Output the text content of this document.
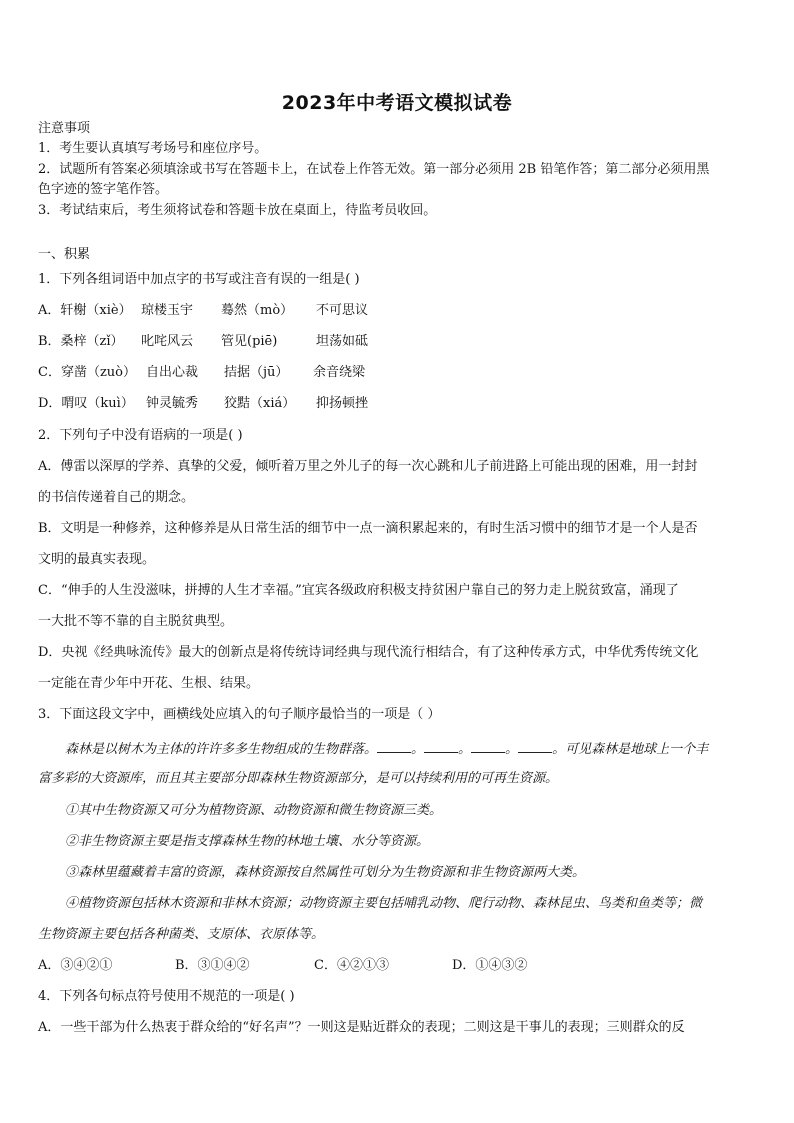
2023年中考语文模拟试卷
注意事项
1．考生要认真填写考场号和座位序号。
2．试题所有答案必须填涂或书写在答题卡上，在试卷上作答无效。第一部分必须用 2B 铅笔作答；第二部分必须用黑
色字迹的签字笔作答。
3．考试结束后，考生须将试卷和答题卡放在桌面上，待监考员收回。
一、积累
1．下列各组词语中加点字的书写或注音有误的一组是( )
A．轩榭（xiè） 琼楼玉宇 蓦然（mò） 不可思议
B．桑梓（zǐ） 叱咤风云 管见(piē)	坦荡如砥
C．穿凿（zuò） 自出心裁 拮据（jū） 余音绕梁
D．喟叹（kuì） 钟灵毓秀 狡黠（xiá） 抑扬顿挫
2．下列句子中没有语病的一项是( )
A．傅雷以深厚的学养、真挚的父爱，倾听着万里之外儿子的每一次心跳和儿子前进路上可能出现的困难，用一封封
的书信传递着自己的期念。
B．文明是一种修养，这种修养是从日常生活的细节中一点一滴积累起来的，有时生活习惯中的细节才是一个人是否
文明的最真实表现。
C．“伸手的人生没滋味，拼搏的人生才幸福。”宜宾各级政府积极支持贫困户靠自己的努力走上脱贫致富，涌现了
一大批不等不靠的自主脱贫典型。
D．央视《经典咏流传》最大的创新点是将传统诗词经典与现代流行相结合，有了这种传承方式，中华优秀传统文化
一定能在青少年中开花、生根、结果。
3．下面这段文字中，画横线处应填入的句子顺序最恰当的一项是（ ）
森林是以树木为主体的许许多多生物组成的生物群落。	。	。	。	。可见森林是地球上一个丰
富多彩的大资源库，而且其主要部分即森林生物资源部分，是可以持续利用的可再生资源。
①其中生物资源又可分为植物资源、动物资源和微生物资源三类。
②非生物资源主要是指支撑森林生物的林地土壤、水分等资源。
③森林里蕴藏着丰富的资源，森林资源按自然属性可划分为生物资源和非生物资源两大类。
④植物资源包括林木资源和非林木资源；动物资源主要包括哺乳动物、爬行动物、森林昆虫、鸟类和鱼类等；微
生物资源主要包括各种菌类、支原体、衣原体等。
A．③④②①	B．③①④②	C．④②①③	D．①④③②
4．下列各句标点符号使用不规范的一项是( )
A．一些干部为什么热衷于群众给的“好名声”？一则这是贴近群众的表现；二则这是干事儿的表现；三则群众的反
